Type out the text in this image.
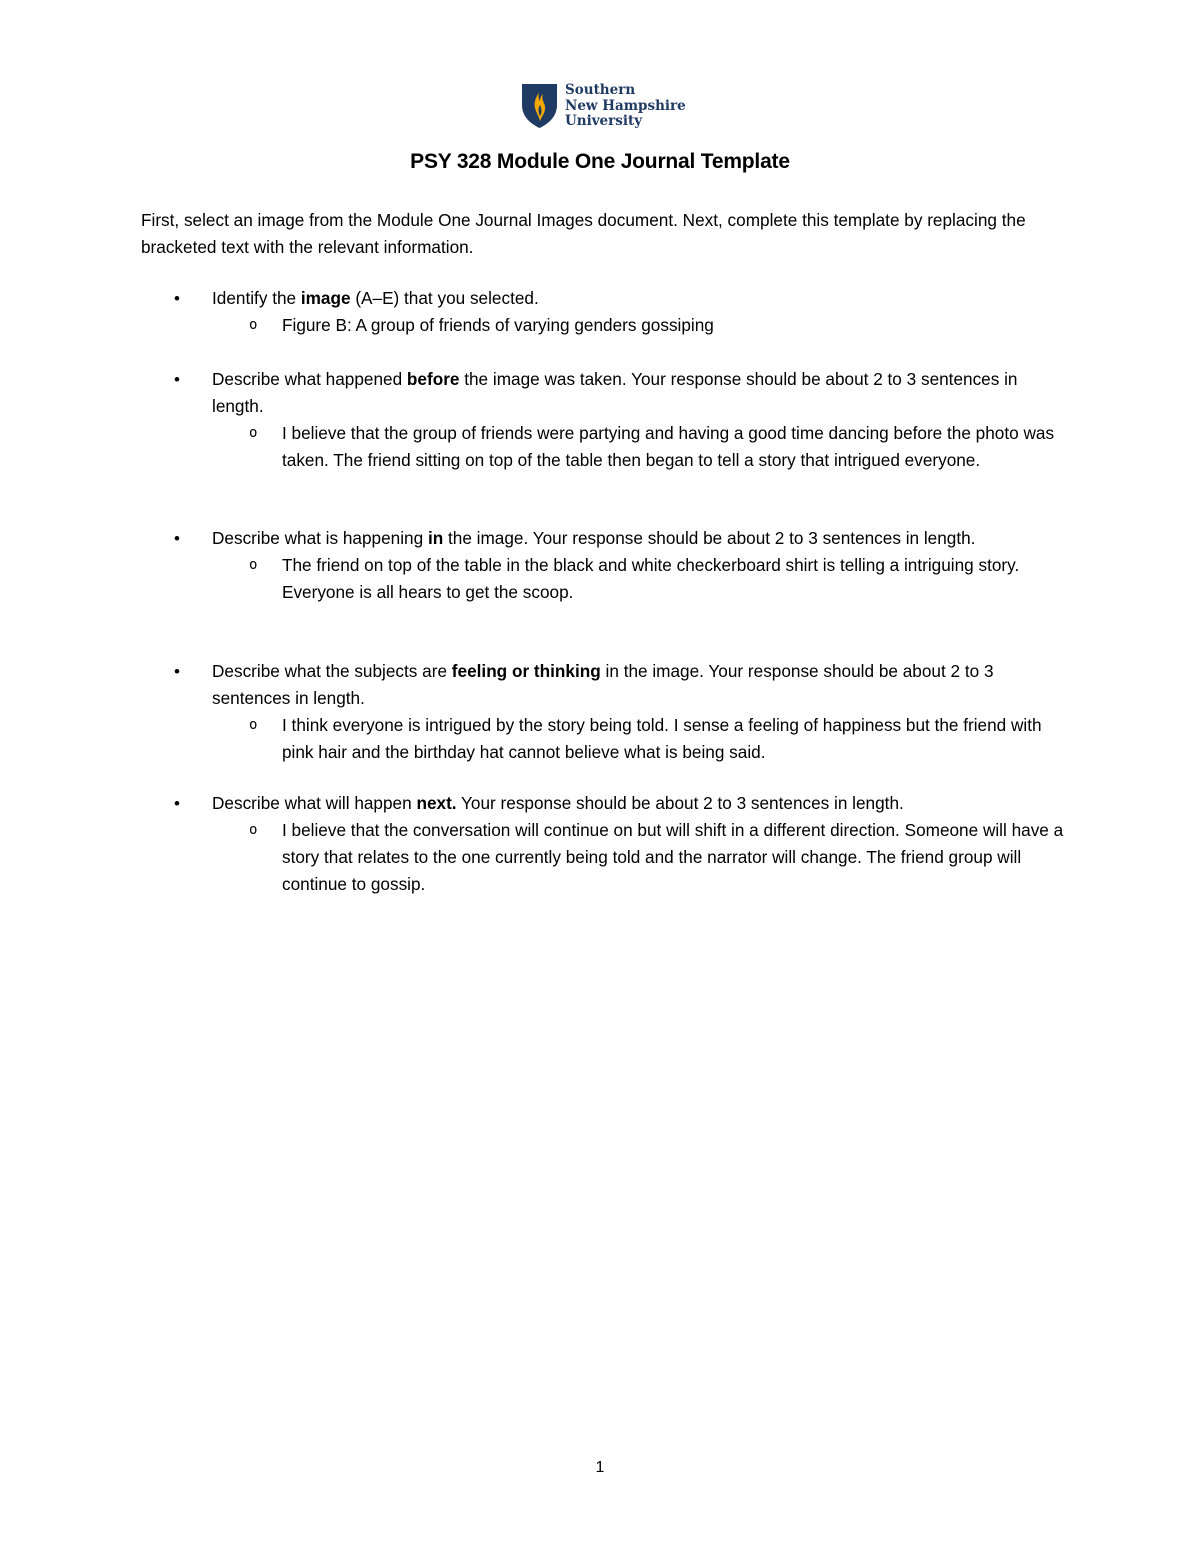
Southern
New Hampshire
University
PSY 328 Module One Journal Template
First, select an image from the Module One Journal Images document. Next, complete this template by replacing the bracketed text with the relevant information.
• Identify the image (A–E) that you selected.
o Figure B: A group of friends of varying genders gossiping
• Describe what happened before the image was taken. Your response should be about 2 to 3 sentences in length.
o I believe that the group of friends were partying and having a good time dancing before the photo was taken. The friend sitting on top of the table then began to tell a story that intrigued everyone.
• Describe what is happening in the image. Your response should be about 2 to 3 sentences in length.
o The friend on top of the table in the black and white checkerboard shirt is telling a intriguing story. Everyone is all hears to get the scoop.
• Describe what the subjects are feeling or thinking in the image. Your response should be about 2 to 3 sentences in length.
o I think everyone is intrigued by the story being told. I sense a feeling of happiness but the friend with pink hair and the birthday hat cannot believe what is being said.
• Describe what will happen next. Your response should be about 2 to 3 sentences in length.
o I believe that the conversation will continue on but will shift in a different direction. Someone will have a story that relates to the one currently being told and the narrator will change. The friend group will continue to gossip.
1
